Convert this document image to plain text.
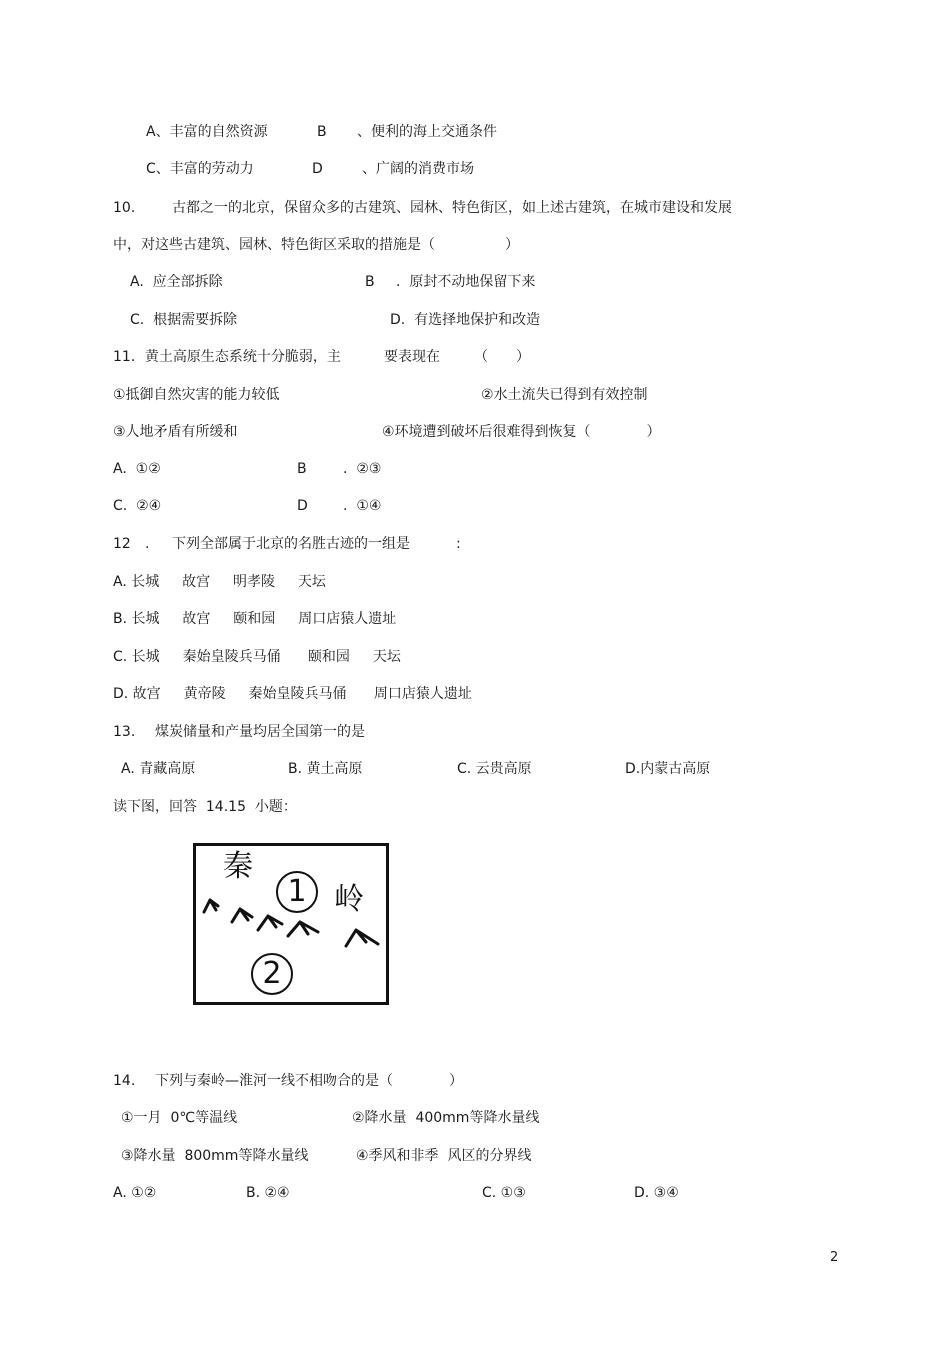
A、丰富的自然资源	B 、便利的海上交通条件
C、丰富的劳动力	D	、广阔的消费市场
10.	古都之一的北京，保留众多的古建筑、园林、特色街区，如上述古建筑，在城市建设和发展
中，对这些古建筑、园林、特色街区采取的措施是（　　　　　）
A.  应全部拆除	B .  原封不动地保留下来
C.  根据需要拆除	D.  有选择地保护和改造
11．黄土高原生态系统十分脆弱，主	要表现在 （　　）
①抵御自然灾害的能力较低	②水土流失已得到有效控制
③人地矛盾有所缓和	④环境遭到破坏后很难得到恢复（　　　　）
A.  ①②	B	.  ②③
C.  ②④	D	.  ①④
12 . 下列全部属于北京的名胜古迹的一组是	:
A. 长城　  故宫　  明孝陵　  天坛
B. 长城　  故宫　  颐和园　  周口店猿人遗址
C. 长城　  秦始皇陵兵马俑　   颐和园　  天坛
D. 故宫　  黄帝陵　  秦始皇陵兵马俑　   周口店猿人遗址
13. 煤炭储量和产量均居全国第一的是
A. 青藏高原	B. 黄土高原	C. 云贵高原	D.内蒙古高原
读下图，回答  14.15  小题：
秦
1 岭
2
14. 下列与秦岭—淮河一线不相吻合的是（　　　　）
①一月  0℃等温线	②降水量  400mm等降水量线
③降水量  800mm等降水量线	④季风和非季  风区的分界线
A. ①②	B. ②④	C. ①③	D. ③④
2
